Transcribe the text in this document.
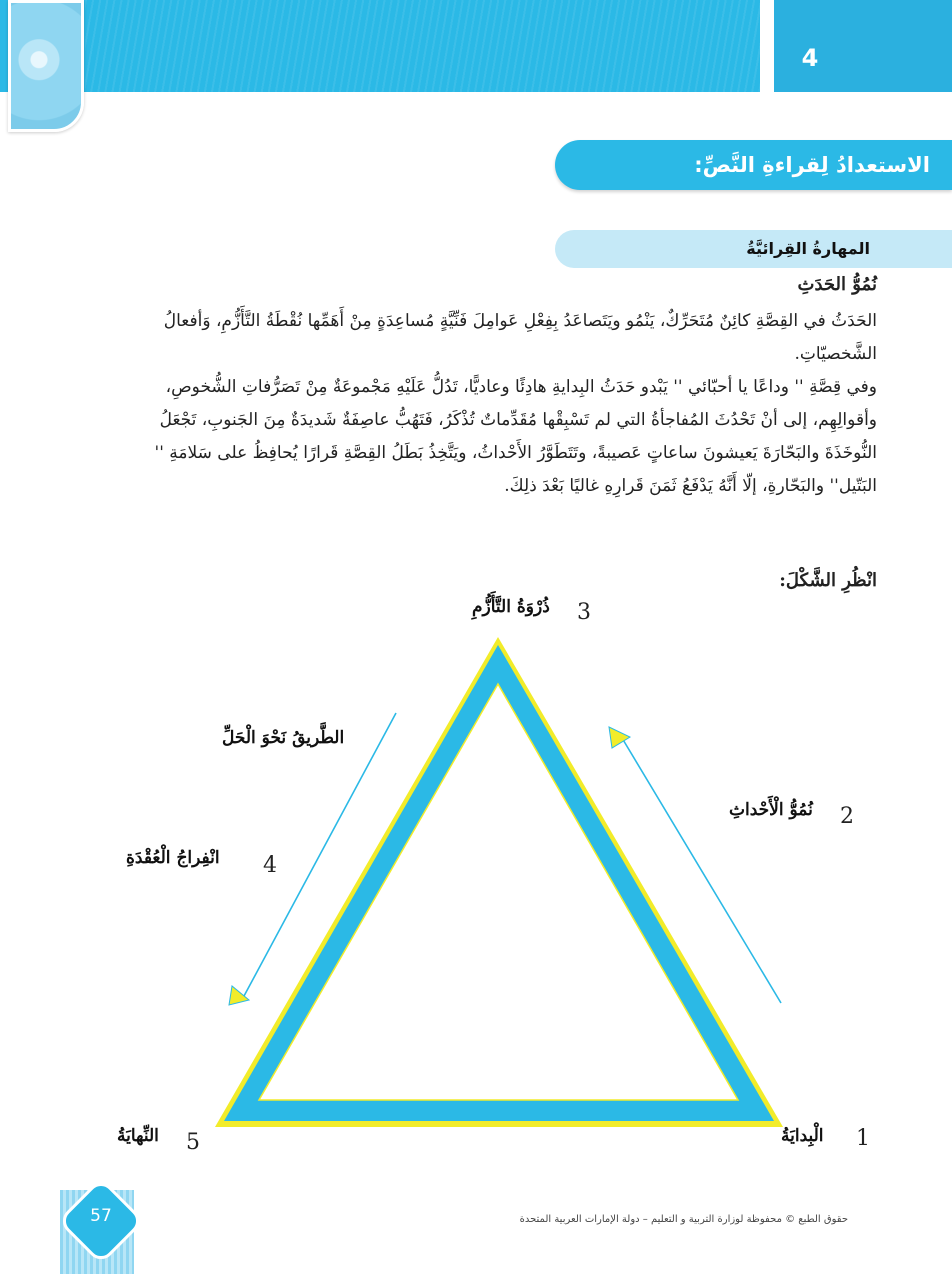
4
الاستعدادُ لِقراءةِ النَّصِّ:
المهارةُ القِرائيَّةُ
نُمُوُّ الحَدَثِ
الحَدَثُ في القِصَّةِ كائِنٌ مُتَحَرِّكٌ، يَنْمُو ويَتَصاعَدُ بِفِعْلِ عَوامِلَ فَنِّيَّةٍ مُساعِدَةٍ مِنْ أَهَمِّها نُقْطَةُ التَّأَزُّمِ، وَأفعالُ الشَّخصيّاتِ.
وفي قِصَّةِ '' وداعًا يا أحبّائي '' يَبْدو حَدَثُ البِدايةِ هادِئًا وعاديًّا، تَدُلُّ عَلَيْهِ مَجْموعَةٌ مِنْ تَصَرُّفاتِ الشُّخوصِ، وأقوالِهِم، إلى أنْ تَحْدُثَ المُفاجأةُ التي لم تَسْبِقْها مُقَدِّماتٌ تُذْكَرُ، فَتَهُبُّ عاصِفَةٌ شَديدَةٌ مِنَ الجَنوبِ، تَجْعَلُ النُّوخَذَةَ والبَحّارَةَ يَعيشونَ ساعاتٍ عَصيبةً، وتَتَطَوَّرُ الأَحْداثُ، ويَتَّخِذُ بَطَلُ القِصَّةِ قَرارًا يُحافِظُ على سَلامَةِ '' البَتّيل'' والبَحّارةِ، إلّا أَنَّهُ يَدْفَعُ ثَمَنَ قَرارِهِ غاليًا بَعْدَ ذلِكَ.
انْظُرِ الشَّكْلَ:
3
ذُرْوَةُ التَّأَزُّمِ
الطَّريقُ نَحْوَ الْحَلِّ
2
نُمُوُّ الْأَحْداثِ
4
انْفِراجُ الْعُقْدَةِ
1
الْبِدايَةُ
5
النِّهايَةُ
57	حقوق الطبع © محفوظة لوزارة التربية و التعليم – دولة الإمارات العربية المتحدة
